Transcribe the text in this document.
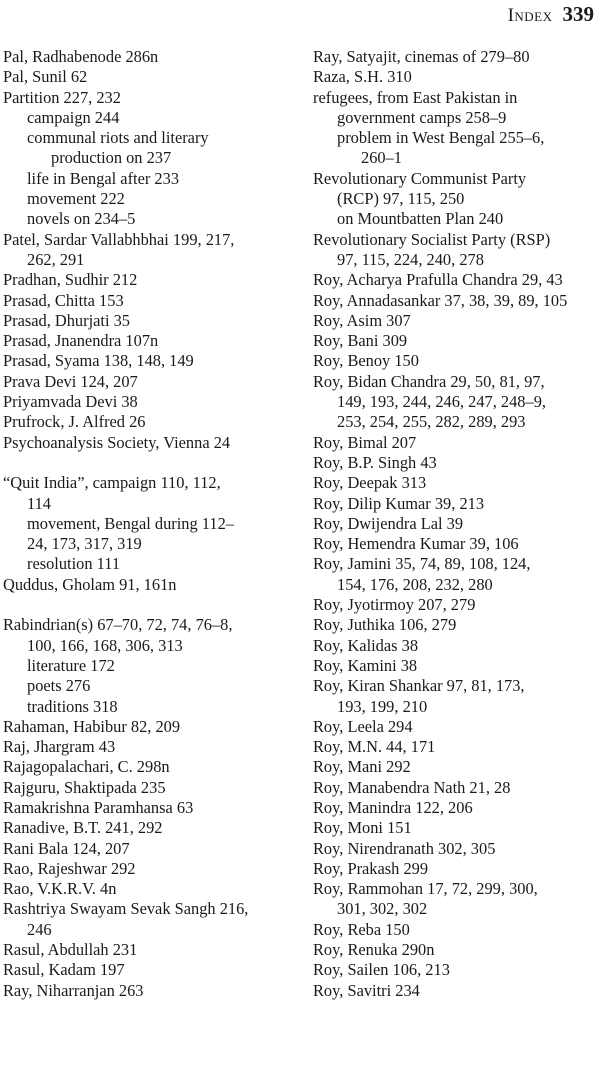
Index 339
Pal, Radhabenode 286n
Pal, Sunil 62
Partition 227, 232
campaign 244
communal riots and literary
production on 237
life in Bengal after 233
movement 222
novels on 234–5
Patel, Sardar Vallabhbhai 199, 217,
262, 291
Pradhan, Sudhir 212
Prasad, Chitta 153
Prasad, Dhurjati 35
Prasad, Jnanendra 107n
Prasad, Syama 138, 148, 149
Prava Devi 124, 207
Priyamvada Devi 38
Prufrock, J. Alfred 26
Psychoanalysis Society, Vienna 24
“Quit India”, campaign 110, 112,
114
movement, Bengal during 112–
24, 173, 317, 319
resolution 111
Quddus, Gholam 91, 161n
Rabindrian(s) 67–70, 72, 74, 76–8,
100, 166, 168, 306, 313
literature 172
poets 276
traditions 318
Rahaman, Habibur 82, 209
Raj, Jhargram 43
Rajagopalachari, C. 298n
Rajguru, Shaktipada 235
Ramakrishna Paramhansa 63
Ranadive, B.T. 241, 292
Rani Bala 124, 207
Rao, Rajeshwar 292
Rao, V.K.R.V. 4n
Rashtriya Swayam Sevak Sangh 216,
246
Rasul, Abdullah 231
Rasul, Kadam 197
Ray, Niharranjan 263
Ray, Satyajit, cinemas of 279–80
Raza, S.H. 310
refugees, from East Pakistan in
government camps 258–9
problem in West Bengal 255–6,
260–1
Revolutionary Communist Party
(RCP) 97, 115, 250
on Mountbatten Plan 240
Revolutionary Socialist Party (RSP)
97, 115, 224, 240, 278
Roy, Acharya Prafulla Chandra 29, 43
Roy, Annadasankar 37, 38, 39, 89, 105
Roy, Asim 307
Roy, Bani 309
Roy, Benoy 150
Roy, Bidan Chandra 29, 50, 81, 97,
149, 193, 244, 246, 247, 248–9,
253, 254, 255, 282, 289, 293
Roy, Bimal 207
Roy, B.P. Singh 43
Roy, Deepak 313
Roy, Dilip Kumar 39, 213
Roy, Dwijendra Lal 39
Roy, Hemendra Kumar 39, 106
Roy, Jamini 35, 74, 89, 108, 124,
154, 176, 208, 232, 280
Roy, Jyotirmoy 207, 279
Roy, Juthika 106, 279
Roy, Kalidas 38
Roy, Kamini 38
Roy, Kiran Shankar 97, 81, 173,
193, 199, 210
Roy, Leela 294
Roy, M.N. 44, 171
Roy, Mani 292
Roy, Manabendra Nath 21, 28
Roy, Manindra 122, 206
Roy, Moni 151
Roy, Nirendranath 302, 305
Roy, Prakash 299
Roy, Rammohan 17, 72, 299, 300,
301, 302, 302
Roy, Reba 150
Roy, Renuka 290n
Roy, Sailen 106, 213
Roy, Savitri 234
